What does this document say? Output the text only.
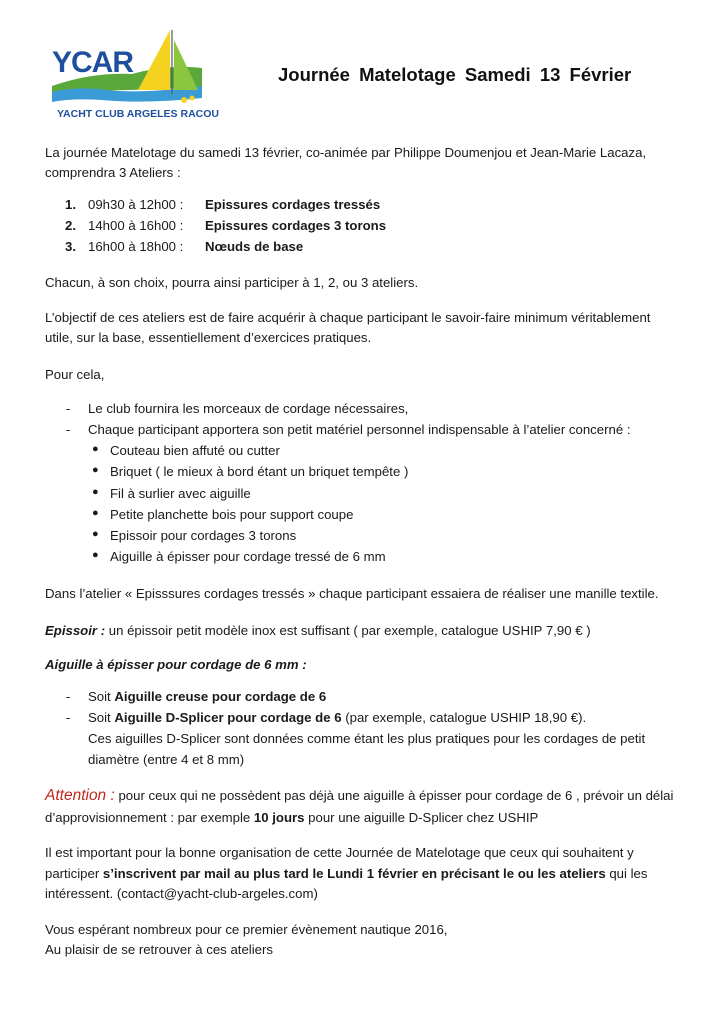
YCAR
YACHT CLUB ARGELES RACOU
Journée Matelotage Samedi 13 Février
La journée Matelotage du samedi 13 février, co-animée par Philippe Doumenjou et Jean-Marie Lacaza,
comprendra 3 Ateliers :
1. 09h30 à 12h00 : Epissures cordages tressés
2. 14h00 à 16h00 : Epissures cordages 3 torons
3. 16h00 à 18h00 : Nœuds de base
Chacun, à son choix, pourra ainsi participer à 1, 2, ou 3 ateliers.
L’objectif de ces ateliers est de faire acquérir à chaque participant le savoir-faire minimum véritablement
utile, sur la base, essentiellement d’exercices pratiques.
Pour cela,
- Le club fournira les morceaux de cordage nécessaires,
- Chaque participant apportera son petit matériel personnel indispensable à l’atelier concerné :
● Couteau bien affuté ou cutter
● Briquet ( le mieux à bord étant un briquet tempête )
● Fil à surlier avec aiguille
● Petite planchette bois pour support coupe
● Epissoir pour cordages 3 torons
● Aiguille à épisser pour cordage tressé de 6 mm
Dans l’atelier « Episssures cordages tressés » chaque participant essaiera de réaliser une manille textile.
Epissoir : un épissoir petit modèle inox est suffisant ( par exemple, catalogue USHIP 7,90 € )
Aiguille à épisser pour cordage de 6 mm :
- Soit Aiguille creuse pour cordage de 6
- Soit Aiguille D-Splicer pour cordage de 6 (par exemple, catalogue USHIP 18,90 €).
Ces aiguilles D-Splicer sont données comme étant les plus pratiques pour les cordages de petit
diamètre (entre 4 et 8 mm)
Attention : pour ceux qui ne possèdent pas déjà une aiguille à épisser pour cordage de 6 , prévoir un délai
d’approvisionnement : par exemple 10 jours pour une aiguille D-Splicer chez USHIP
Il est important pour la bonne organisation de cette Journée de Matelotage que ceux qui souhaitent y
participer s’inscrivent par mail au plus tard le Lundi 1 février en précisant le ou les ateliers qui les
intéressent. (contact@yacht-club-argeles.com)
Vous espérant nombreux pour ce premier évènement nautique 2016,
Au plaisir de se retrouver à ces ateliers
